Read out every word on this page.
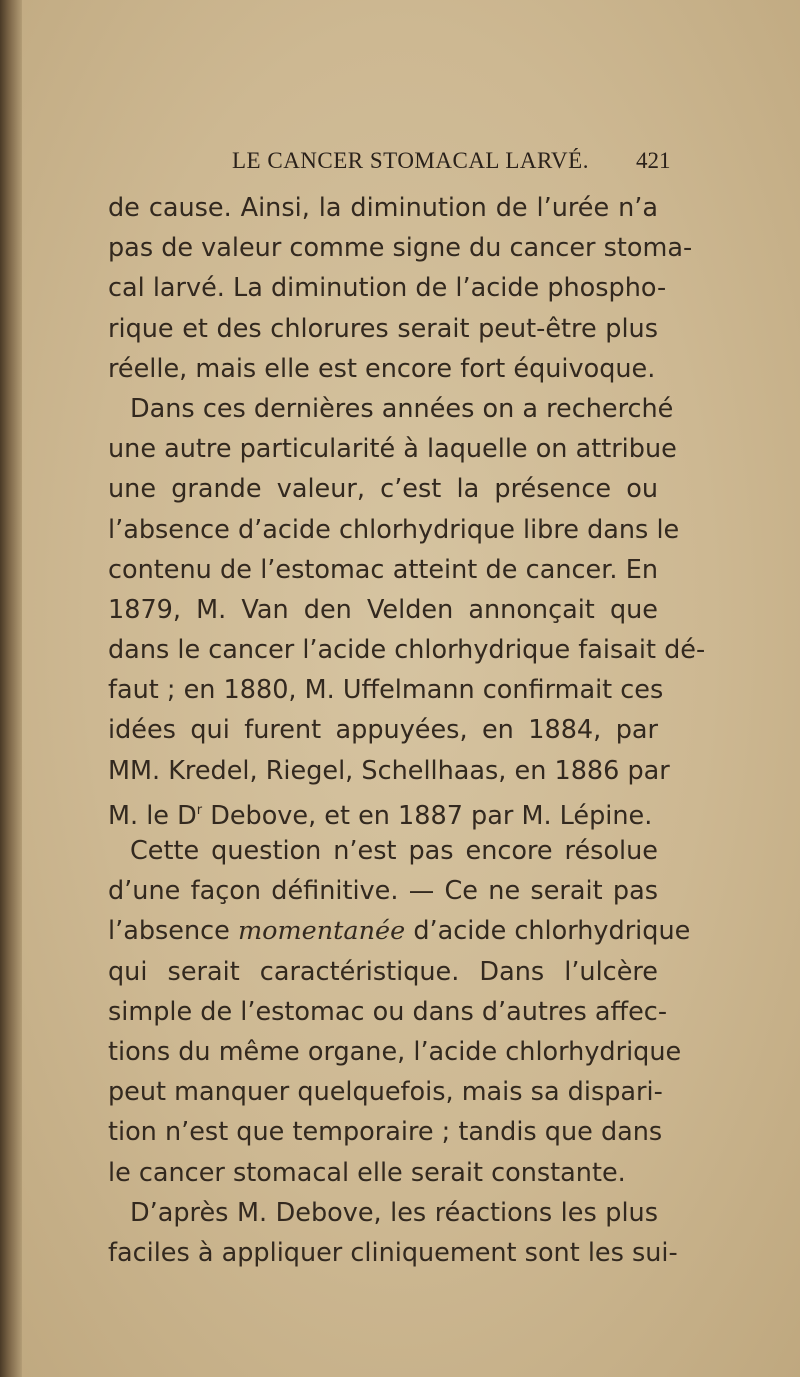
LE CANCER STOMACAL LARVÉ. 421
de cause. Ainsi, la diminution de l’urée n’a
pas de valeur comme signe du cancer stoma-
cal larvé. La diminution de l’acide phospho-
rique et des chlorures serait peut-être plus
réelle, mais elle est encore fort équivoque.
Dans ces dernières années on a recherché
une autre particularité à laquelle on attribue
une grande valeur, c’est la présence ou
l’absence d’acide chlorhydrique libre dans le
contenu de l’estomac atteint de cancer. En
1879, M. Van den Velden annonçait que
dans le cancer l’acide chlorhydrique faisait dé-
faut ; en 1880, M. Uffelmann confirmait ces
idées qui furent appuyées, en 1884, par
MM. Kredel, Riegel, Schellhaas, en 1886 par
M. le $D^r$ Debove, et en 1887 par M. Lépine.
Cette question n’est pas encore résolue
d’une façon définitive. — Ce ne serait pas
l’absence momentanée d’acide chlorhydrique
qui serait caractéristique. Dans l’ulcère
simple de l’estomac ou dans d’autres affec-
tions du même organe, l’acide chlorhydrique
peut manquer quelquefois, mais sa dispari-
tion n’est que temporaire ; tandis que dans
le cancer stomacal elle serait constante.
D’après M. Debove, les réactions les plus
faciles à appliquer cliniquement sont les sui-
